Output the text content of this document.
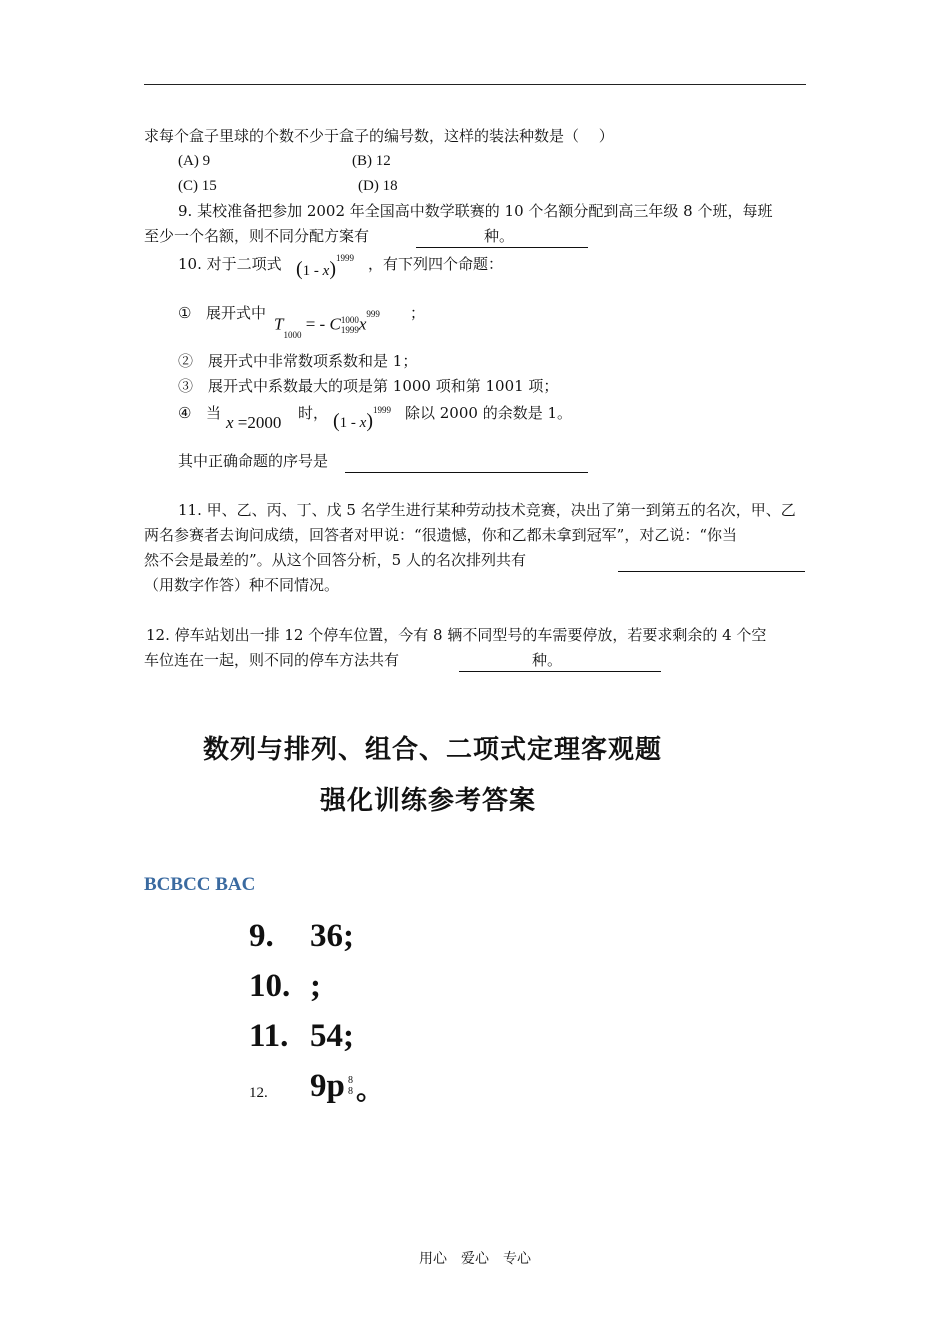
求每个盒子里球的个数不少于盒子的编号数，这样的装法种数是（　 ）
(A) 9	(B) 12
(C) 15	(D) 18
9. 某校准备把参加 2002 年全国高中数学联赛的 10 个名额分配到高三年级 8 个班，每班
至少一个名额，则不同分配方案有	种。
10. 对于二项式 (1 - x)$^{1999}$ ，有下列四个命题：
① 展开式中
$T_{1000}$ = - C 1000
1999 $x^{999}$ ；
②　展开式中非常数项系数和是 1；
③　展开式中系数最大的项是第 1000 项和第 1001 项；
④ 当 x =2000 时， (1 - x)$^{1999}$ 除以 2000 的余数是 1。
其中正确命题的序号是
11. 甲、乙、丙、丁、戊 5 名学生进行某种劳动技术竞赛，决出了第一到第五的名次，甲、乙
两名参赛者去询问成绩，回答者对甲说：“很遗憾，你和乙都未拿到冠军”，对乙说：“你当
然不会是最差的”。从这个回答分析，5 人的名次排列共有
（用数字作答）种不同情况。
12. 停车站划出一排 12 个停车位置，今有 8 辆不同型号的车需要停放，若要求剩余的 4 个空
车位连在一起，则不同的停车方法共有	种。
数列与排列、组合、二项式定理客观题
强化训练参考答案
BCBCC BAC
9. 36;
10. ;
11. 54;
12. 9p 8
8 。
用心　爱心　专心
